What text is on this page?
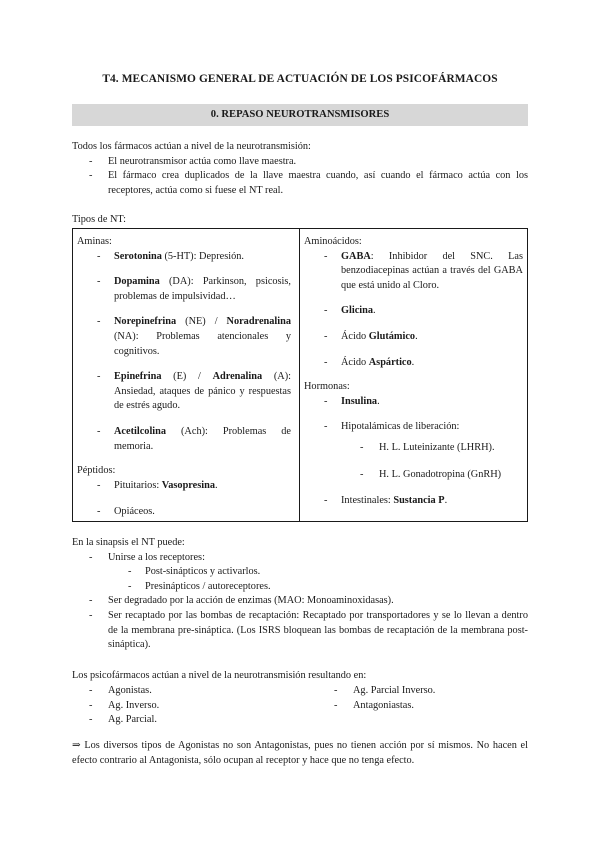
T4. MECANISMO GENERAL DE ACTUACIÓN DE LOS PSICOFÁRMACOS
0. REPASO NEUROTRANSMISORES

Todos los fármacos actúan a nivel de la neurotransmisión:

- El neurotransmisor actúa como llave maestra.
- El fármaco crea duplicados de la llave maestra cuando, así cuando el fármaco actúa con los receptores, actúa como si fuese el NT real.
Tipos de NT:

Aminas:

- Serotonina (5-HT): Depresión.
- Dopamina (DA): Parkinson, psicosis, problemas de impulsividad…
- Norepinefrina (NE) / Noradrenalina (NA): Problemas atencionales y cognitivos.
- Epinefrina (E) / Adrenalina (A): Ansiedad, ataques de pánico y respuestas de estrés agudo.
- Acetilcolina (Ach): Problemas de memoria.

Péptidos:

- Pituitarios: Vasopresina.
- Opiáceos.

Aminoácidos:

- GABA: Inhibidor del SNC. Las benzodiacepinas actúan a través del GABA que está unido al Cloro.
- Glicina.
- Ácido Glutámico.
- Ácido Aspártico.

Hormonas:

- Insulina.
- Hipotalámicas de liberación:
- H. L. Luteinizante (LHRH).
- H. L. Gonadotropina (GnRH)
- Intestinales: Sustancia P.

En la sinapsis el NT puede:

- Unirse a los receptores:
- Post-sinápticos y activarlos.
- Presinápticos / autoreceptores.
- Ser degradado por la acción de enzimas (MAO: Monoaminoxidasas).
- Ser recaptado por las bombas de recaptación: Recaptado por transportadores y se lo llevan a dentro de la membrana pre-sináptica. (Los ISRS bloquean las bombas de recaptación de la membrana post-sináptica).
Los psicofármacos actúan a nivel de la neurotransmisión resultando en:
- Agonistas.
- Ag. Inverso.
- Ag. Parcial.
- Ag. Parcial Inverso.
- Antagoniastas.
⇒ Los diversos tipos de Agonistas no son Antagonistas, pues no tienen acción por sí mismos. No hacen el efecto contrario al Antagonista, sólo ocupan al receptor y hace que no tenga efecto.
